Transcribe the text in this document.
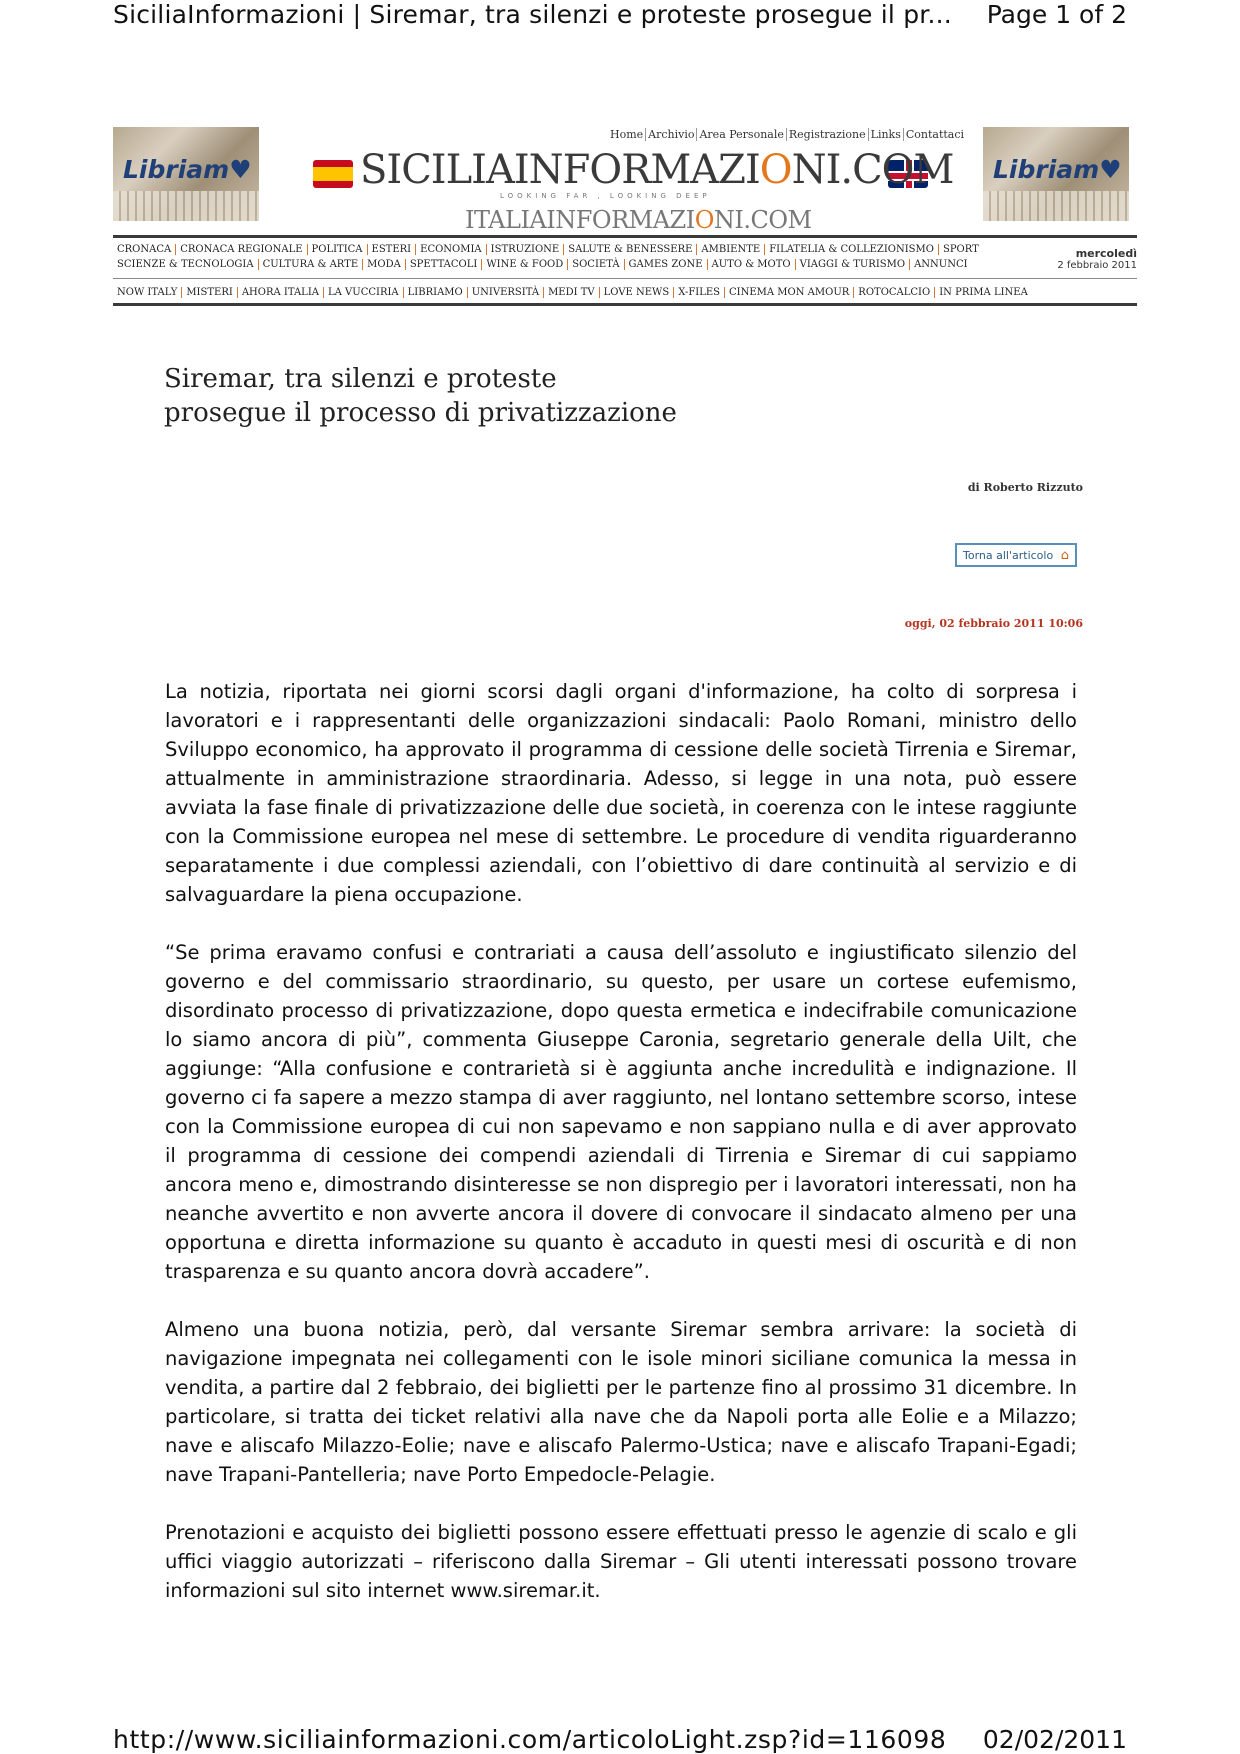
SiciliaInformazioni | Siremar, tra silenzi e proteste prosegue il pr... Page 1 of 2
Libriam♥	Libriam♥
Home Archivio Area Personale Registrazione Links Contattaci
SICILIAINFORMAZIONI.COM
LOOKING FAR , LOOKING DEEP
ITALIAINFORMAZIONI.COM
CRONACA CRONACA REGIONALE POLITICA ESTERI ECONOMIA ISTRUZIONE SALUTE & BENESSERE AMBIENTE FILATELIA & COLLEZIONISMO SPORT
SCIENZE & TECNOLOGIA CULTURA & ARTE MODA SPETTACOLI WINE & FOOD SOCIETÀ GAMES ZONE AUTO & MOTO VIAGGI & TURISMO ANNUNCI
mercoledì
2 febbraio 2011
NOW ITALY MISTERI AHORA ITALIA LA VUCCIRIA LIBRIAMO UNIVERSITÀ MEDI TV LOVE NEWS X-FILES CINEMA MON AMOUR ROTOCALCIO IN PRIMA LINEA
Siremar, tra silenzi e proteste
prosegue il processo di privatizzazione
di Roberto Rizzuto
Torna all'articolo ⌂
oggi, 02 febbraio 2011 10:06

La notizia, riportata nei giorni scorsi dagli organi d'informazione, ha colto di sorpresa i lavoratori e i rappresentanti delle organizzazioni sindacali: Paolo Romani, ministro dello Sviluppo economico, ha approvato il programma di cessione delle società Tirrenia e Siremar, attualmente in amministrazione straordinaria. Adesso, si legge in una nota, può essere avviata la fase finale di privatizzazione delle due società, in coerenza con le intese raggiunte con la Commissione europea nel mese di settembre. Le procedure di vendita riguarderanno separatamente i due complessi aziendali, con l’obiettivo di dare continuità al servizio e di salvaguardare la piena occupazione.

“Se prima eravamo confusi e contrariati a causa dell’assoluto e ingiustificato silenzio del governo e del commissario straordinario, su questo, per usare un cortese eufemismo, disordinato processo di privatizzazione, dopo questa ermetica e indecifrabile comunicazione lo siamo ancora di più”, commenta Giuseppe Caronia, segretario generale della Uilt, che aggiunge: “Alla confusione e contrarietà si è aggiunta anche incredulità e indignazione. Il governo ci fa sapere a mezzo stampa di aver raggiunto, nel lontano settembre scorso, intese con la Commissione europea di cui non sapevamo e non sappiano nulla e di aver approvato il programma di cessione dei compendi aziendali di Tirrenia e Siremar di cui sappiamo ancora meno e, dimostrando disinteresse se non dispregio per i lavoratori interessati, non ha neanche avvertito e non avverte ancora il dovere di convocare il sindacato almeno per una opportuna e diretta informazione su quanto è accaduto in questi mesi di oscurità e di non trasparenza e su quanto ancora dovrà accadere”.

Almeno una buona notizia, però, dal versante Siremar sembra arrivare: la società di navigazione impegnata nei collegamenti con le isole minori siciliane comunica la messa in vendita, a partire dal 2 febbraio, dei biglietti per le partenze fino al prossimo 31 dicembre. In particolare, si tratta dei ticket relativi alla nave che da Napoli porta alle Eolie e a Milazzo; nave e aliscafo Milazzo-Eolie; nave e aliscafo Palermo-Ustica; nave e aliscafo Trapani-Egadi; nave Trapani-Pantelleria; nave Porto Empedocle-Pelagie.

Prenotazioni e acquisto dei biglietti possono essere effettuati presso le agenzie di scalo e gli uffici viaggio autorizzati – riferiscono dalla Siremar – Gli utenti interessati possono trovare informazioni sul sito internet www.siremar.it.

http://www.siciliainformazioni.com/articoloLight.zsp?id=116098 02/02/2011
